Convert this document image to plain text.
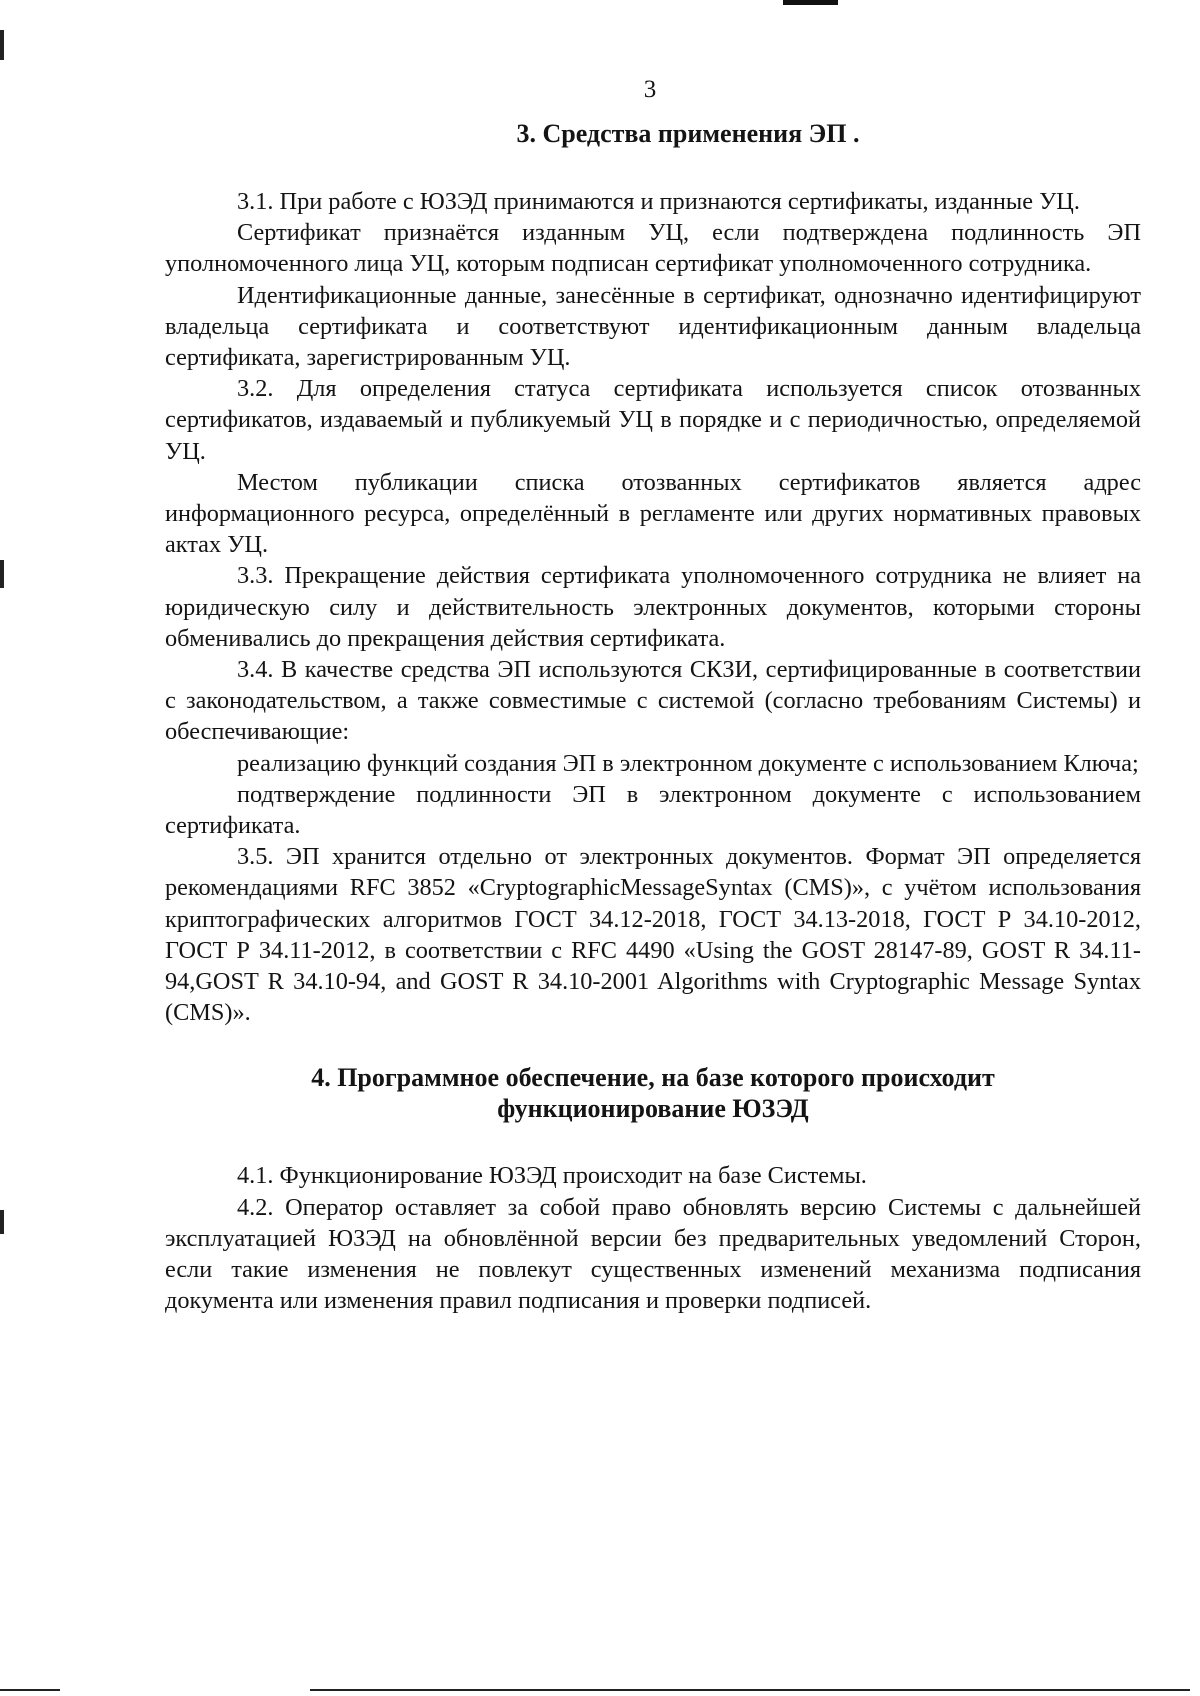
3
3. Средства применения ЭП .

3.1. При работе с ЮЗЭД принимаются и признаются сертификаты, изданные УЦ.

Сертификат признаётся изданным УЦ, если подтверждена подлинность ЭП уполномоченного лица УЦ, которым подписан сертификат уполномоченного сотрудника.

Идентификационные данные, занесённые в сертификат, однозначно идентифицируют владельца сертификата и соответствуют идентификационным данным владельца сертификата, зарегистрированным УЦ.

3.2. Для определения статуса сертификата используется список отозванных сертификатов, издаваемый и публикуемый УЦ в порядке и с периодичностью, определяемой УЦ.

Местом публикации списка отозванных сертификатов является адрес информационного ресурса, определённый в регламенте или других нормативных правовых актах УЦ.

3.3. Прекращение действия сертификата уполномоченного сотрудника не влияет на юридическую силу и действительность электронных документов, которыми стороны обменивались до прекращения действия сертификата.

3.4. В качестве средства ЭП используются СКЗИ, сертифицированные в соответствии с законодательством, а также совместимые с системой (согласно требованиям Системы) и обеспечивающие:

реализацию функций создания ЭП в электронном документе с использованием Ключа;

подтверждение подлинности ЭП в электронном документе с использованием сертификата.

3.5. ЭП хранится отдельно от электронных документов. Формат ЭП определяется рекомендациями RFC 3852 «CryptographicMessageSyntax (CMS)», с учётом использования криптографических алгоритмов ГОСТ 34.12-2018, ГОСТ 34.13-2018, ГОСТ Р 34.10-2012, ГОСТ Р 34.11-2012, в соответствии с RFC 4490 «Using the GOST 28147-89, GOST R 34.11-94,GOST R 34.10-94, and GOST R 34.10-2001 Algorithms with Cryptographic Message Syntax (CMS)».

4. Программное обеспечение, на базе которого происходит
функционирование ЮЗЭД

4.1. Функционирование ЮЗЭД происходит на базе Системы.

4.2. Оператор оставляет за собой право обновлять версию Системы с дальнейшей эксплуатацией ЮЗЭД на обновлённой версии без предварительных уведомлений Сторон, если такие изменения не повлекут существенных изменений механизма подписания документа или изменения правил подписания и проверки подписей.
